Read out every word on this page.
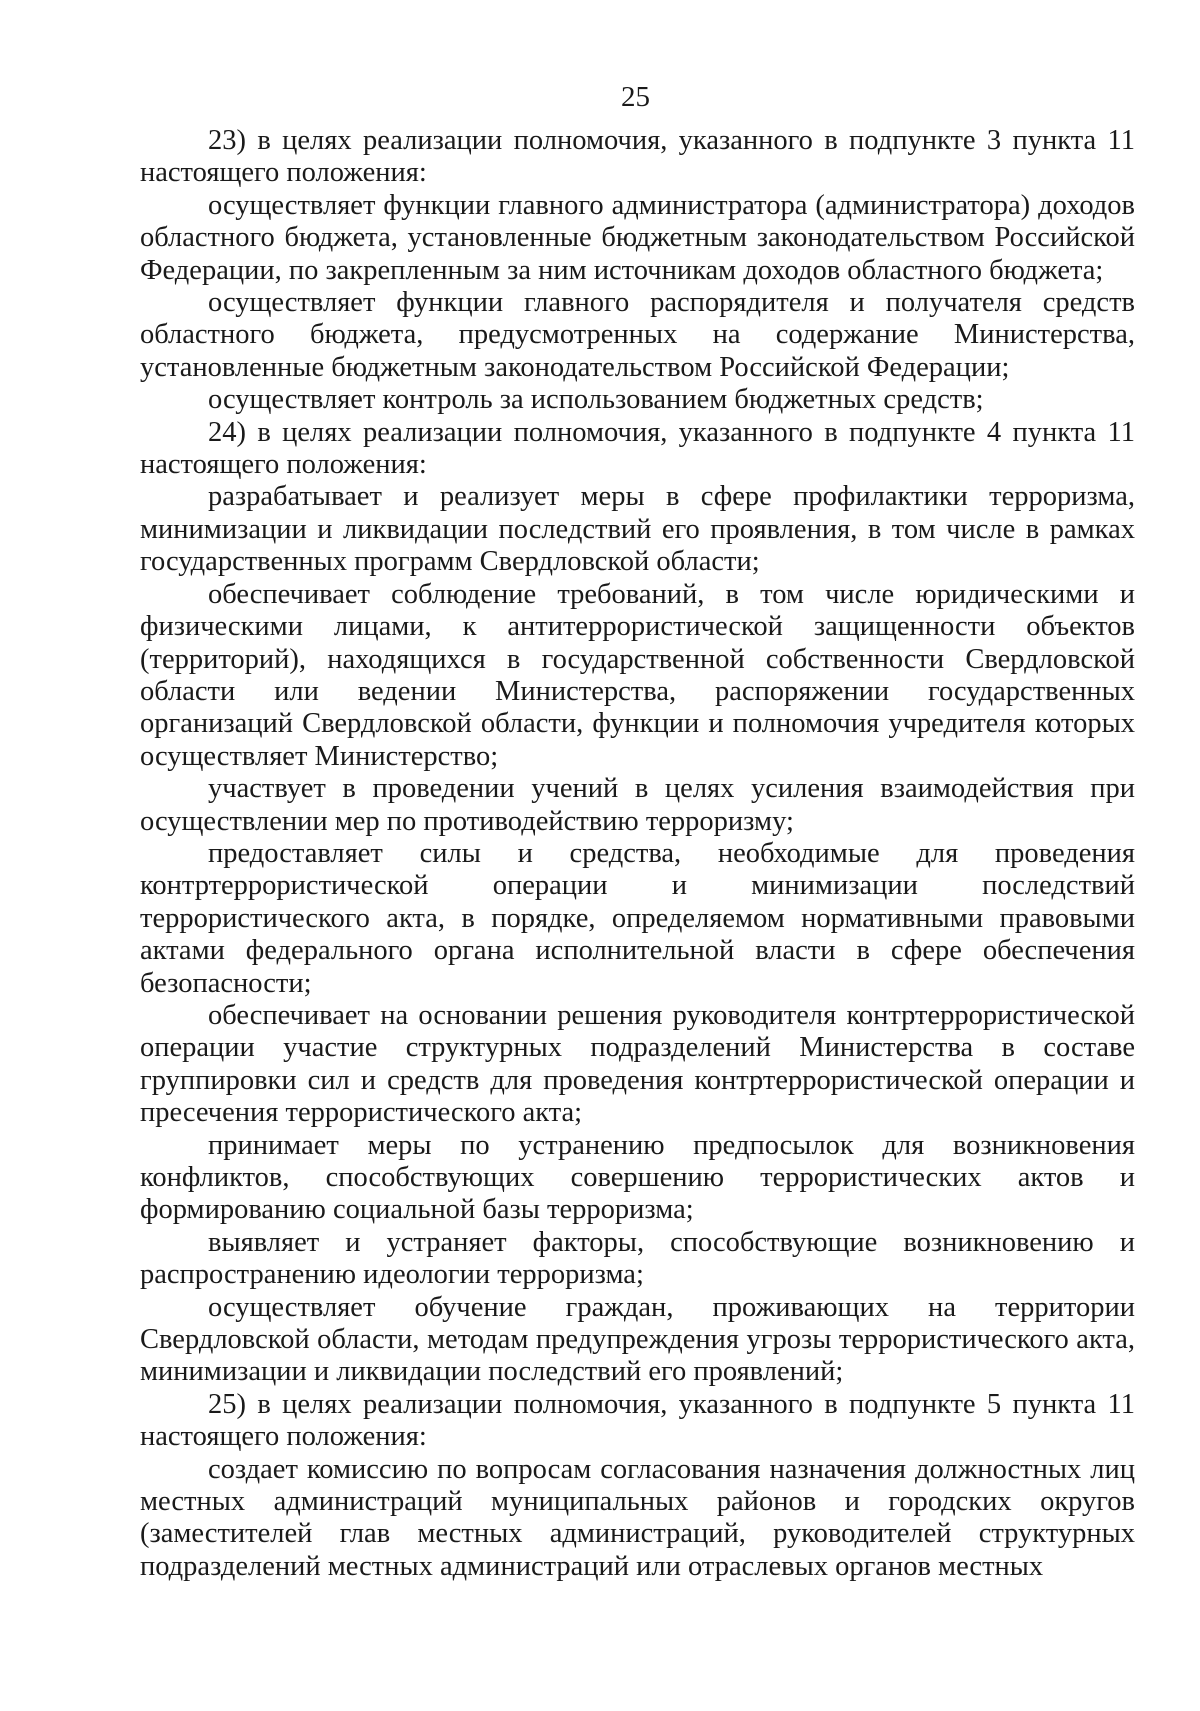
25

23) в целях реализации полномочия, указанного в подпункте 3 пункта 11 настоящего положения:

осуществляет функции главного администратора (администратора) доходов областного бюджета, установленные бюджетным законодательством Российской Федерации, по закрепленным за ним источникам доходов областного бюджета;

осуществляет функции главного распорядителя и получателя средств областного бюджета, предусмотренных на содержание Министерства, установленные бюджетным законодательством Российской Федерации;

осуществляет контроль за использованием бюджетных средств;

24) в целях реализации полномочия, указанного в подпункте 4 пункта 11 настоящего положения:

разрабатывает и реализует меры в сфере профилактики терроризма, минимизации и ликвидации последствий его проявления, в том числе в рамках государственных программ Свердловской области;

обеспечивает соблюдение требований, в том числе юридическими и физическими лицами, к антитеррористической защищенности объектов (территорий), находящихся в государственной собственности Свердловской области или ведении Министерства, распоряжении государственных организаций Свердловской области, функции и полномочия учредителя которых осуществляет Министерство;

участвует в проведении учений в целях усиления взаимодействия при осуществлении мер по противодействию терроризму;

предоставляет силы и средства, необходимые для проведения контртеррористической операции и минимизации последствий террористического акта, в порядке, определяемом нормативными правовыми актами федерального органа исполнительной власти в сфере обеспечения безопасности;

обеспечивает на основании решения руководителя контртеррористической операции участие структурных подразделений Министерства в составе группировки сил и средств для проведения контртеррористической операции и пресечения террористического акта;

принимает меры по устранению предпосылок для возникновения конфликтов, способствующих совершению террористических актов и формированию социальной базы терроризма;

выявляет и устраняет факторы, способствующие возникновению и распространению идеологии терроризма;

осуществляет обучение граждан, проживающих на территории Свердловской области, методам предупреждения угрозы террористического акта, минимизации и ликвидации последствий его проявлений;

25) в целях реализации полномочия, указанного в подпункте 5 пункта 11 настоящего положения:

создает комиссию по вопросам согласования назначения должностных лиц местных администраций муниципальных районов и городских округов (заместителей глав местных администраций, руководителей структурных подразделений местных администраций или отраслевых органов местных
